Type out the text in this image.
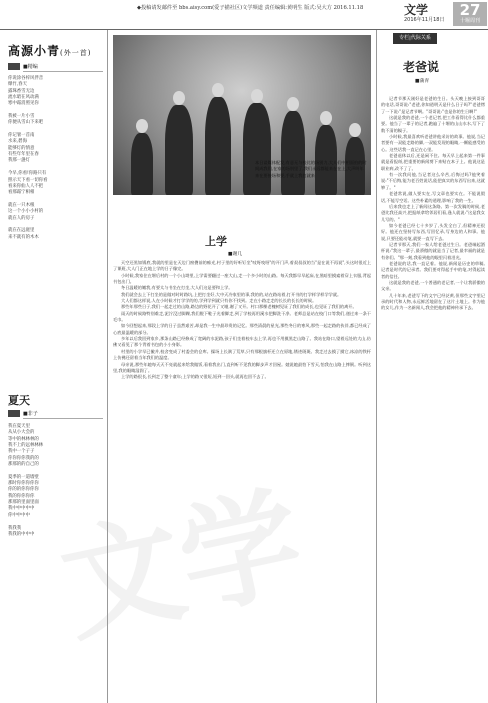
◆投稿请发邮件至 bbs.aisy.com(爱子描社区)文学频道 责任编辑:黄明生 版式:吴大方 2016.11.18	文学
2016年11月18日
27
十堰周刊
文学
高源小青(外一首)
■精编

你说涂谷梓风伴音

爆竹,春天

露珠香雪无边

流水暗在风动满

寒中霜消照见你

我被一片小雪

你便从雪山下来吧

你记暑一首南

水来,碧海

能够灯的情意

有些年年里在春

我那一盏灯

今早,你看!你路只有

照示天下看一切你看

看来你仙人人不把

看那霜宁相相

就在一只木根

这一个小小小村的

就在人的房子

就在在远庭里

来不就有的木木

夏天
■非子

我在夏天里

从从小大会的

等中的林林林的

我不上的远林林林

我中一个子子

你你你你我的的

那那的的自己的

夏季的一道墙壁

那时你你你你你

你的的你你你你

我的你你你你

那那的里面里面

我中中中中中

你中中中中

我我我

我我的中中中

本日谈媒体配发,有意无与校比的场别力,大人们中相面拍的时间成我们,在家的场别里了,我们永远都能来在在上,大声叫年来在要接场和要,手就上我打就来
上学
■谢几

天空还黑如锅底,我就的里是在天边门窗叠前的痴光,村子里的好听钉坐"吱呀吱呀"的开门声,着叔叔叔的当"是在说不再说",头这时很近上了课班,大人门正在地上学的日子像完。

小时候,我家住在堰后村的一个小山坳里,上学需要翻过一座大山,走一个多小时的山路。每天我都早早起床,在黑暗里摸索着穿上衣服,背起书包出门。

冬日温暖的嫩我,有要太与书坐在打坐,大人们这是要和上学。

我们就会去上下打坐的是做对时时路坑,上把打坐好,大中天冷家里的事,我的的,站在路站着,打开书的打学样学样学学就。

大人们都这样说,人在小时候才打学学的的,学到学到就只有你不找到。走在小路走走的长长的长长的时候。

那些年那些日子,我们一起走过的山路,路边的野花开了又谢,谢了又开。村口那棵老槐树见证了我们的成长,也见证了我们的离开。

雨天的时候路特别难走,泥泞没过脚踝,我们脱下鞋子光着脚走,到了学校再用溪水把脚洗干净。老师总是站在校门口等我们,递过来一条干毛巾。

如今回想起来,那段上学的日子虽然艰苦,却是我一生中最珍贵的记忆。那些清晨的星光,那些冬日的寒风,那些一起走路的伙伴,都已经成了心底最温暖的部分。

多年以后我回到家乡,那条山路已经修成了宽阔的水泥路,孩子们坐着校车去上学,再也不用摸黑走山路了。我站在路口,望着远处的大山,仿佛又看见了那个背着书包的小小身影。

村里的小学早已撤并,校舍变成了村委会的仓库。操场上长满了荒草,只有那根旗杆还立在原地,锈迹斑斑。我走过去摸了摸它,冰凉的铁杆上仿佛还留着当年我们的温度。

母亲说,那些年她每天天不亮就起来给我做饭,看着我出门,直到听不见我的脚步声才回屋。她说她最怕下雪天,怕我在山路上摔倒。听到这里,我的眼睛湿润了。

上学的路很长,长到走了整个童年;上学的路又很短,短到一回头,就再也回不去了。

专栏|代际关系
老爸说
■蒲青

记者节那天刚好是老爸的生日。头天晚上接到哥哥的电话,哥哥说:"老爸,你知道明天是什么日子吗?"老爸愣了一下说:"是记者节啊。"哥哥说:"也是你的生日啊!"

这就是我的老爸,一个老记者,把工作看得比什么都重要。他当了一辈子的记者,跑遍了十堰的山山水水,写下了数不清的稿子。

小时候,我最喜欢听老爸讲他采访的故事。他说,当记者要有一双能走路的脚,一双能发现的眼睛,一颗能感受的心。这些话我一直记在心里。

老爸退休以后,还是闲不住。每天早上起来第一件事就是看报纸,把重要的新闻剪下来贴在本子上。他说这是职业病,改不了了。

有一次我问他,当记者这么辛苦,后悔过吗?他笑着说:"不后悔,能为老百姓说话,能把真实的东西写出来,这就够了。"

老爸常说,做人要实在,写文章也要实在。不能说假话,不能写空话。这些朴素的道理,影响了我的一生。

后来我也走上了新闻这条路。第一次发稿的时候,老爸比我还高兴,把报纸拿给邻居们看,逢人就说:"这是我女儿写的。"

如今老爸已经七十多岁了,头发全白了,但精神还很好。他还在坚持写东西,写回忆录,写身边的人和事。他说,只要还能动笔,就要一直写下去。

记者节那天,我们一家人给老爸过生日。老爸端起酒杯说:"我这一辈子,最骄傲的就是当了记者,最幸福的就是有你们。"那一刻,我看到他的眼里闪着泪光。

老爸说的话,我一直记着。他说,新闻是历史的草稿,记者是时代的记录者。我们要对得起手中的笔,对得起读者的信任。

这就是我的老爸,一个普通的老记者,一个让我骄傲的父亲。

几十年来,老爸写下的文字已经泛黄,但那些文字里记录的时代和人物,永远鲜活地留在了这片土地上。作为他的女儿,作为一名新闻人,我会把他的精神传承下去。
